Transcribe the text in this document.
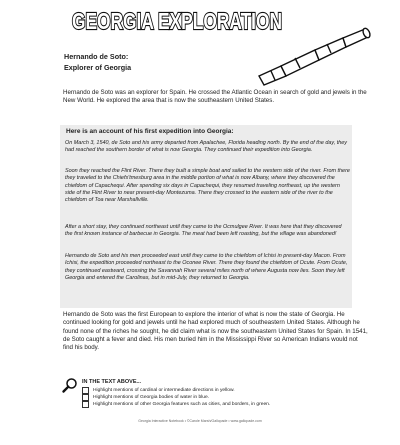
GEORGIA EXPLORATION
Hernando de Soto:
Explorer of Georgia

Hernando de Soto was an explorer for Spain. He crossed the Atlantic Ocean in search of gold and jewels in the New World. He explored the area that is now the southeastern United States.

Here is an account of his first expedition into Georgia:

On March 3, 1540, de Soto and his army departed from Apalachee, Florida heading north. By the end of the day, they had reached the southern border of what is now Georgia. They continued their expedition into Georgia.

Soon they reached the Flint River. There they built a simple boat and sailed to the western side of the river. From there they traveled to the Chiefs'tmesburg area in the middle portion of what is now Albany, where they discovered the chiefdom of Capachequi. After spending six days in Capachequi, they resumed traveling northeast, up the western side of the Flint River to near present-day Montezuma. There they crossed to the eastern side of the river to the chiefdom of Toa near Marshallville.

After a short stay, they continued northeast until they came to the Ocmulgee River. It was here that they discovered the first known instance of barbecue in Georgia. The meat had been left roasting, but the village was abandoned!

Hernando de Soto and his men proceeded east until they came to the chiefdom of Ichisi in present-day Macon. From Ichisi, the expedition proceeded northeast to the Oconee River. There they found the chiefdom of Ocute. From Ocute, they continued eastward, crossing the Savannah River several miles north of where Augusta now lies. Soon they left Georgia and entered the Carolinas, but in mid-July, they returned to Georgia.

Hernando de Soto was the first European to explore the interior of what is now the state of Georgia. He continued looking for gold and jewels until he had explored much of southeastern United States. Although he found none of the riches he sought, he did claim what is now the southeastern United States for Spain. In 1541, de Soto caught a fever and died. His men buried him in the Mississippi River so American Indians would not find his body.

IN THE TEXT ABOVE...
Highlight mentions of cardinal or intermediate directions in yellow.
Highlight mentions of Georgia bodies of water in blue.
Highlight mentions of other Georgia features such as cities, and borders, in green.
Georgia Interactive Notebook • ©Carole Marsh/Gallopade • www.gallopade.com
